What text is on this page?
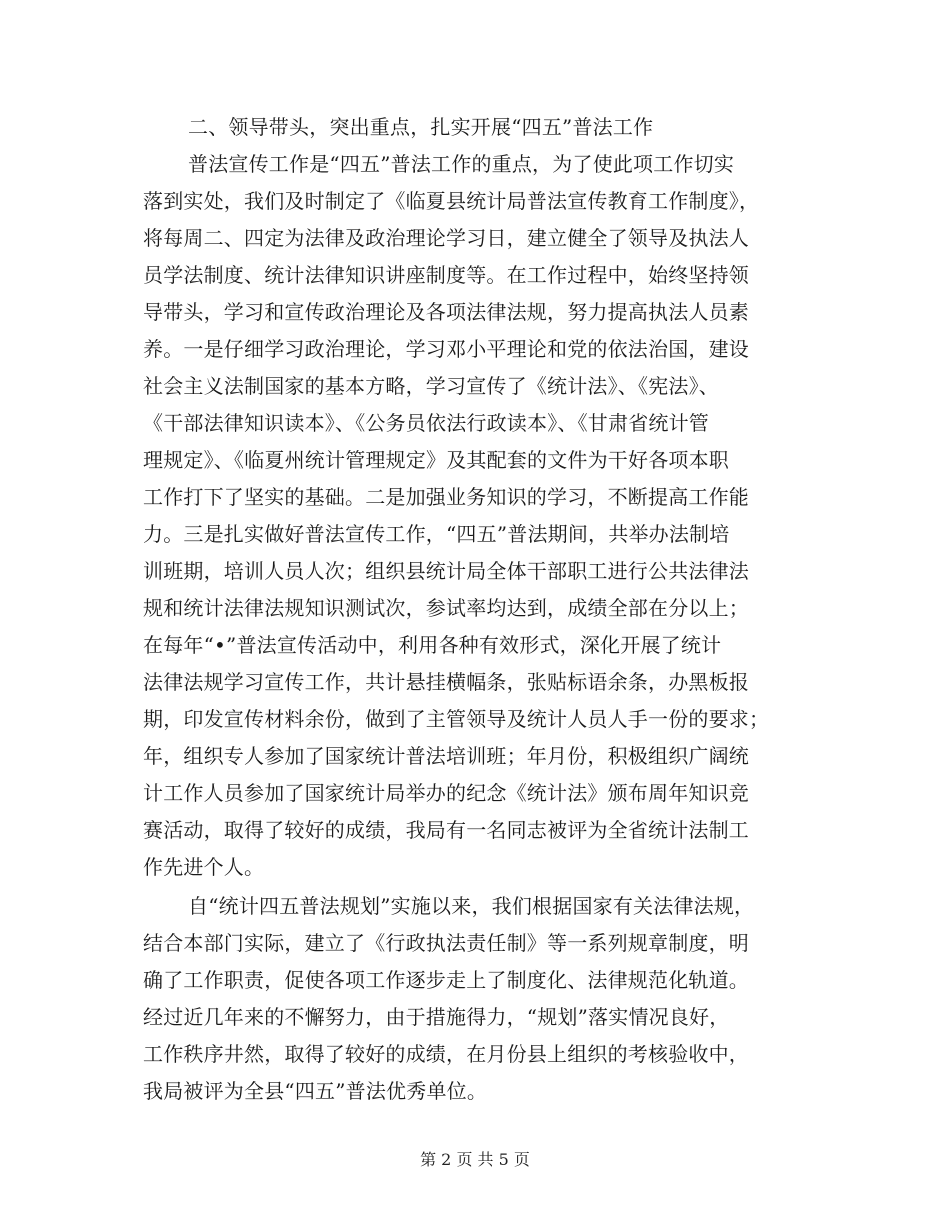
二、领导带头，突出重点，扎实开展“四五”普法工作
普法宣传工作是“四五”普法工作的重点，为了使此项工作切实
落到实处，我们及时制定了《临夏县统计局普法宣传教育工作制度》，
将每周二、四定为法律及政治理论学习日，建立健全了领导及执法人
员学法制度、统计法律知识讲座制度等。在工作过程中，始终坚持领
导带头，学习和宣传政治理论及各项法律法规，努力提高执法人员素
养。一是仔细学习政治理论，学习邓小平理论和党的依法治国，建设
社会主义法制国家的基本方略，学习宣传了《统计法》、《宪法》、
《干部法律知识读本》、《公务员依法行政读本》、《甘肃省统计管
理规定》、《临夏州统计管理规定》及其配套的文件为干好各项本职
工作打下了坚实的基础。二是加强业务知识的学习，不断提高工作能
力。三是扎实做好普法宣传工作，“四五”普法期间，共举办法制培
训班期，培训人员人次；组织县统计局全体干部职工进行公共法律法
规和统计法律法规知识测试次，参试率均达到，成绩全部在分以上；
在每年“•”普法宣传活动中，利用各种有效形式，深化开展了统计
法律法规学习宣传工作，共计悬挂横幅条，张贴标语余条，办黑板报
期，印发宣传材料余份，做到了主管领导及统计人员人手一份的要求；
年，组织专人参加了国家统计普法培训班；年月份，积极组织广阔统
计工作人员参加了国家统计局举办的纪念《统计法》颁布周年知识竞
赛活动，取得了较好的成绩，我局有一名同志被评为全省统计法制工
作先进个人。
自“统计四五普法规划”实施以来，我们根据国家有关法律法规，
结合本部门实际，建立了《行政执法责任制》等一系列规章制度，明
确了工作职责，促使各项工作逐步走上了制度化、法律规范化轨道。
经过近几年来的不懈努力，由于措施得力，“规划”落实情况良好，
工作秩序井然，取得了较好的成绩，在月份县上组织的考核验收中，
我局被评为全县“四五”普法优秀单位。
第 2 页 共 5 页
